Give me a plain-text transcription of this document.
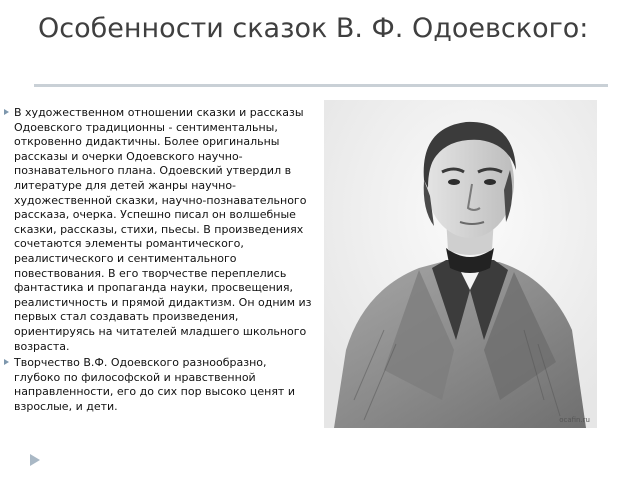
Особенности сказок В. Ф. Одоевского:
В художественном отношении сказки и рассказы Одоевского традиционны - сентиментальны, откровенно дидактичны. Более оригинальны рассказы и очерки Одоевского научно-познавательного плана. Одоевский утвердил в литературе для детей жанры научно-художественной сказки, научно-познавательного рассказа, очерка. Успешно писал он волшебные сказки, рассказы, стихи, пьесы. В произведениях сочетаются элементы романтического, реалистического и сентиментального повествования. В его творчестве переплелись фантастика и пропаганда науки, просвещения, реалистичность и прямой дидактизм. Он одним из первых стал создавать произведения, ориентируясь на читателей младшего школьного возраста.
Творчество В.Ф. Одоевского разнообразно, глубоко по философской и нравственной направленности, его до сих пор высоко ценят и взрослые, и дети.
ocafin.ru
